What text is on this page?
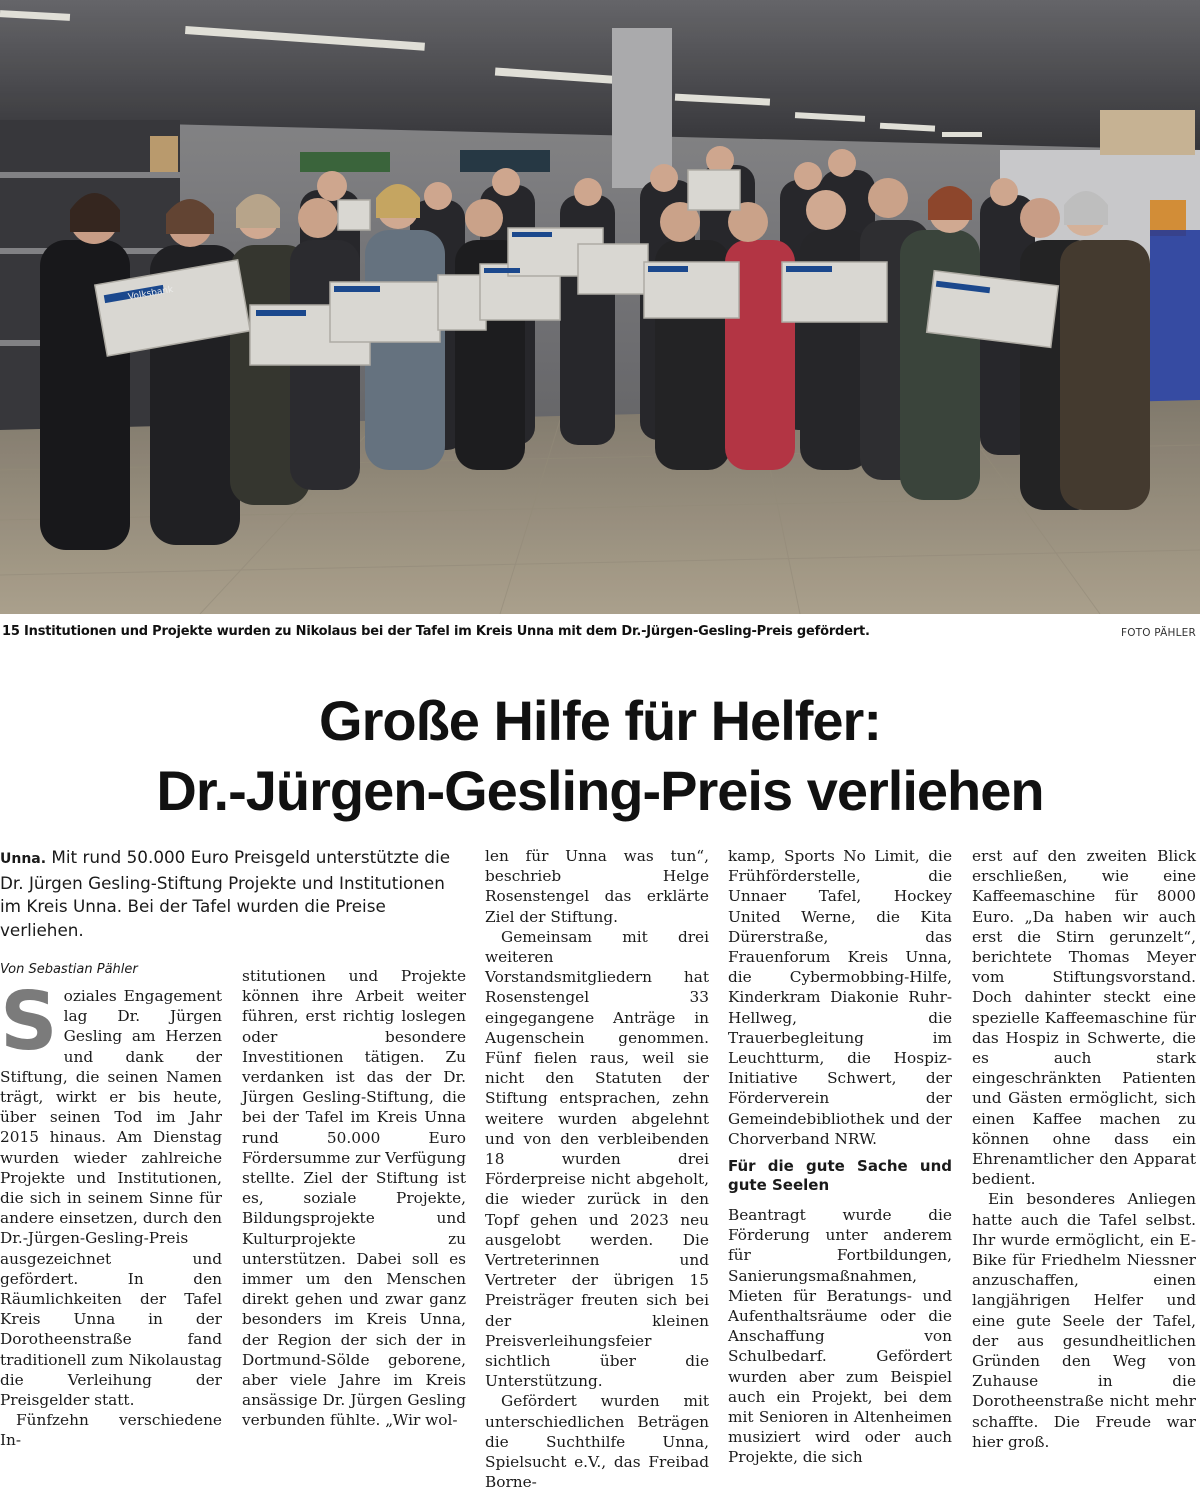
Volksbank
15 Institutionen und Projekte wurden zu Nikolaus bei der Tafel im Kreis Unna mit dem Dr.-Jürgen-Gesling-Preis gefördert.	FOTO PÄHLER
Große Hilfe für Helfer:
Dr.-Jürgen-Gesling-Preis verliehen
Unna. Mit rund 50.000 Euro Preisgeld unterstützte die Dr. Jürgen Gesling-Stiftung Projekte und Institutionen im Kreis Unna. Bei der Tafel wurden die Preise verliehen.
Von Sebastian Pähler

Soziales Engagement lag Dr. Jürgen Gesling am Herzen und dank der Stiftung, die seinen Namen trägt, wirkt er bis heute, über seinen Tod im Jahr 2015 hinaus. Am Dienstag wurden wieder zahlreiche Projekte und Institutionen, die sich in seinem Sinne für andere einsetzen, durch den Dr.-Jürgen-Gesling-Preis ausgezeichnet und gefördert. In den Räumlichkeiten der Tafel Kreis Unna in der Dorotheenstraße fand traditionell zum Nikolaustag die Verleihung der Preisgelder statt.

Fünfzehn verschiedene In-

stitutionen und Projekte können ihre Arbeit weiter führen, erst richtig loslegen oder besondere Investitionen tätigen. Zu verdanken ist das der Dr. Jürgen Gesling-Stiftung, die bei der Tafel im Kreis Unna rund 50.000 Euro Fördersumme zur Verfügung stellte. Ziel der Stiftung ist es, soziale Projekte, Bildungsprojekte und Kulturprojekte zu unterstützen. Dabei soll es immer um den Menschen direkt gehen und zwar ganz besonders im Kreis Unna, der Region der sich der in Dortmund-Sölde geborene, aber viele Jahre im Kreis ansässige Dr. Jürgen Gesling verbunden fühlte. „Wir wol-

len für Unna was tun“, beschrieb Helge Rosenstengel das erklärte Ziel der Stiftung.

Gemeinsam mit drei weiteren Vorstandsmitgliedern hat Rosenstengel 33 eingegangene Anträge in Augenschein genommen. Fünf fielen raus, weil sie nicht den Statuten der Stiftung entsprachen, zehn weitere wurden abgelehnt und von den verbleibenden 18 wurden drei Förderpreise nicht abgeholt, die wieder zurück in den Topf gehen und 2023 neu ausgelobt werden. Die Vertreterinnen und Vertreter der übrigen 15 Preisträger freuten sich bei der kleinen Preisverleihungsfeier sichtlich über die Unterstützung.

Gefördert wurden mit unterschiedlichen Beträgen die Suchthilfe Unna, Spielsucht e.V., das Freibad Borne-

kamp, Sports No Limit, die Frühförderstelle, die Unnaer Tafel, Hockey United Werne, die Kita Dürerstraße, das Frauenforum Kreis Unna, die Cybermobbing-Hilfe, Kinderkram Diakonie Ruhr-Hellweg, die Trauerbegleitung im Leuchtturm, die Hospiz-Initiative Schwert, der Förderverein der Gemeindebibliothek und der Chorverband NRW.

Für die gute Sache und gute Seelen

Beantragt wurde die Förderung unter anderem für Fortbildungen, Sanierungsmaßnahmen, Mieten für Beratungs- und Aufenthaltsräume oder die Anschaffung von Schulbedarf. Gefördert wurden aber zum Beispiel auch ein Projekt, bei dem mit Senioren in Altenheimen musiziert wird oder auch Projekte, die sich

erst auf den zweiten Blick erschließen, wie eine Kaffeemaschine für 8000 Euro. „Da haben wir auch erst die Stirn gerunzelt“, berichtete Thomas Meyer vom Stiftungsvorstand. Doch dahinter steckt eine spezielle Kaffeemaschine für das Hospiz in Schwerte, die es auch stark eingeschränkten Patienten und Gästen ermöglicht, sich einen Kaffee machen zu können ohne dass ein Ehrenamtlicher den Apparat bedient.

Ein besonderes Anliegen hatte auch die Tafel selbst. Ihr wurde ermöglicht, ein E-Bike für Friedhelm Niessner anzuschaffen, einen langjährigen Helfer und eine gute Seele der Tafel, der aus gesundheitlichen Gründen den Weg von Zuhause in die Dorotheenstraße nicht mehr schaffte. Die Freude war hier groß.
